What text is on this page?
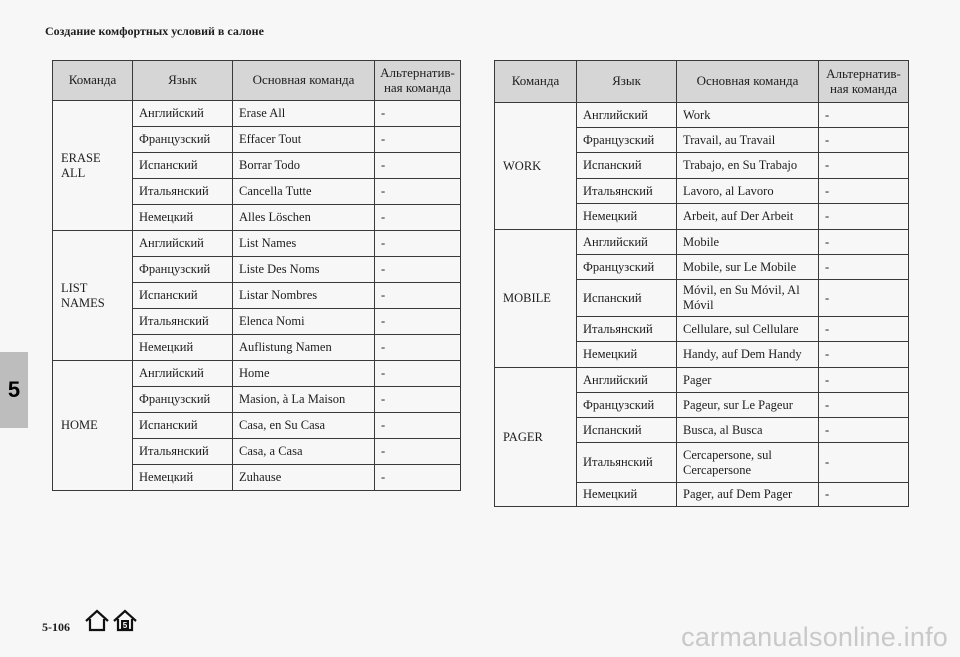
Создание комфортных условий в салоне
5
Команда	Язык	Основная команда	Альтернатив-ная команда
ERASE ALL	Английский	Erase All	-
	Французский	Effacer Tout	-
	Испанский	Borrar Todo	-
	Итальянский	Cancella Tutte	-
	Немецкий	Alles Löschen	-
LIST NAMES	Английский	List Names	-
	Французский	Liste Des Noms	-
	Испанский	Listar Nombres	-
	Итальянский	Elenca Nomi	-
	Немецкий	Auflistung Namen	-
HOME	Английский	Home	-
	Французский	Masion, à La Maison	-
	Испанский	Casa, en Su Casa	-
	Итальянский	Casa, a Casa	-
	Немецкий	Zuhause	-
Команда	Язык	Основная команда	Альтернатив-ная команда
WORK	Английский	Work	-
	Французский	Travail, au Travail	-
	Испанский	Trabajo, en Su Trabajo	-
	Итальянский	Lavoro, al Lavoro	-
	Немецкий	Arbeit, auf Der Arbeit	-
MOBILE	Английский	Mobile	-
	Французский	Mobile, sur Le Mobile	-
	Испанский	Móvil, en Su Móvil, Al Móvil	-
	Итальянский	Cellulare, sul Cellulare	-
	Немецкий	Handy, auf Dem Handy	-
PAGER	Английский	Pager	-
	Французский	Pageur, sur Le Pageur	-
	Испанский	Busca, al Busca	-
	Итальянский	Cercapersone, sul Cercapersone	-
	Немецкий	Pager, auf Dem Pager	-
5-106	5	carmanualsonline.info
